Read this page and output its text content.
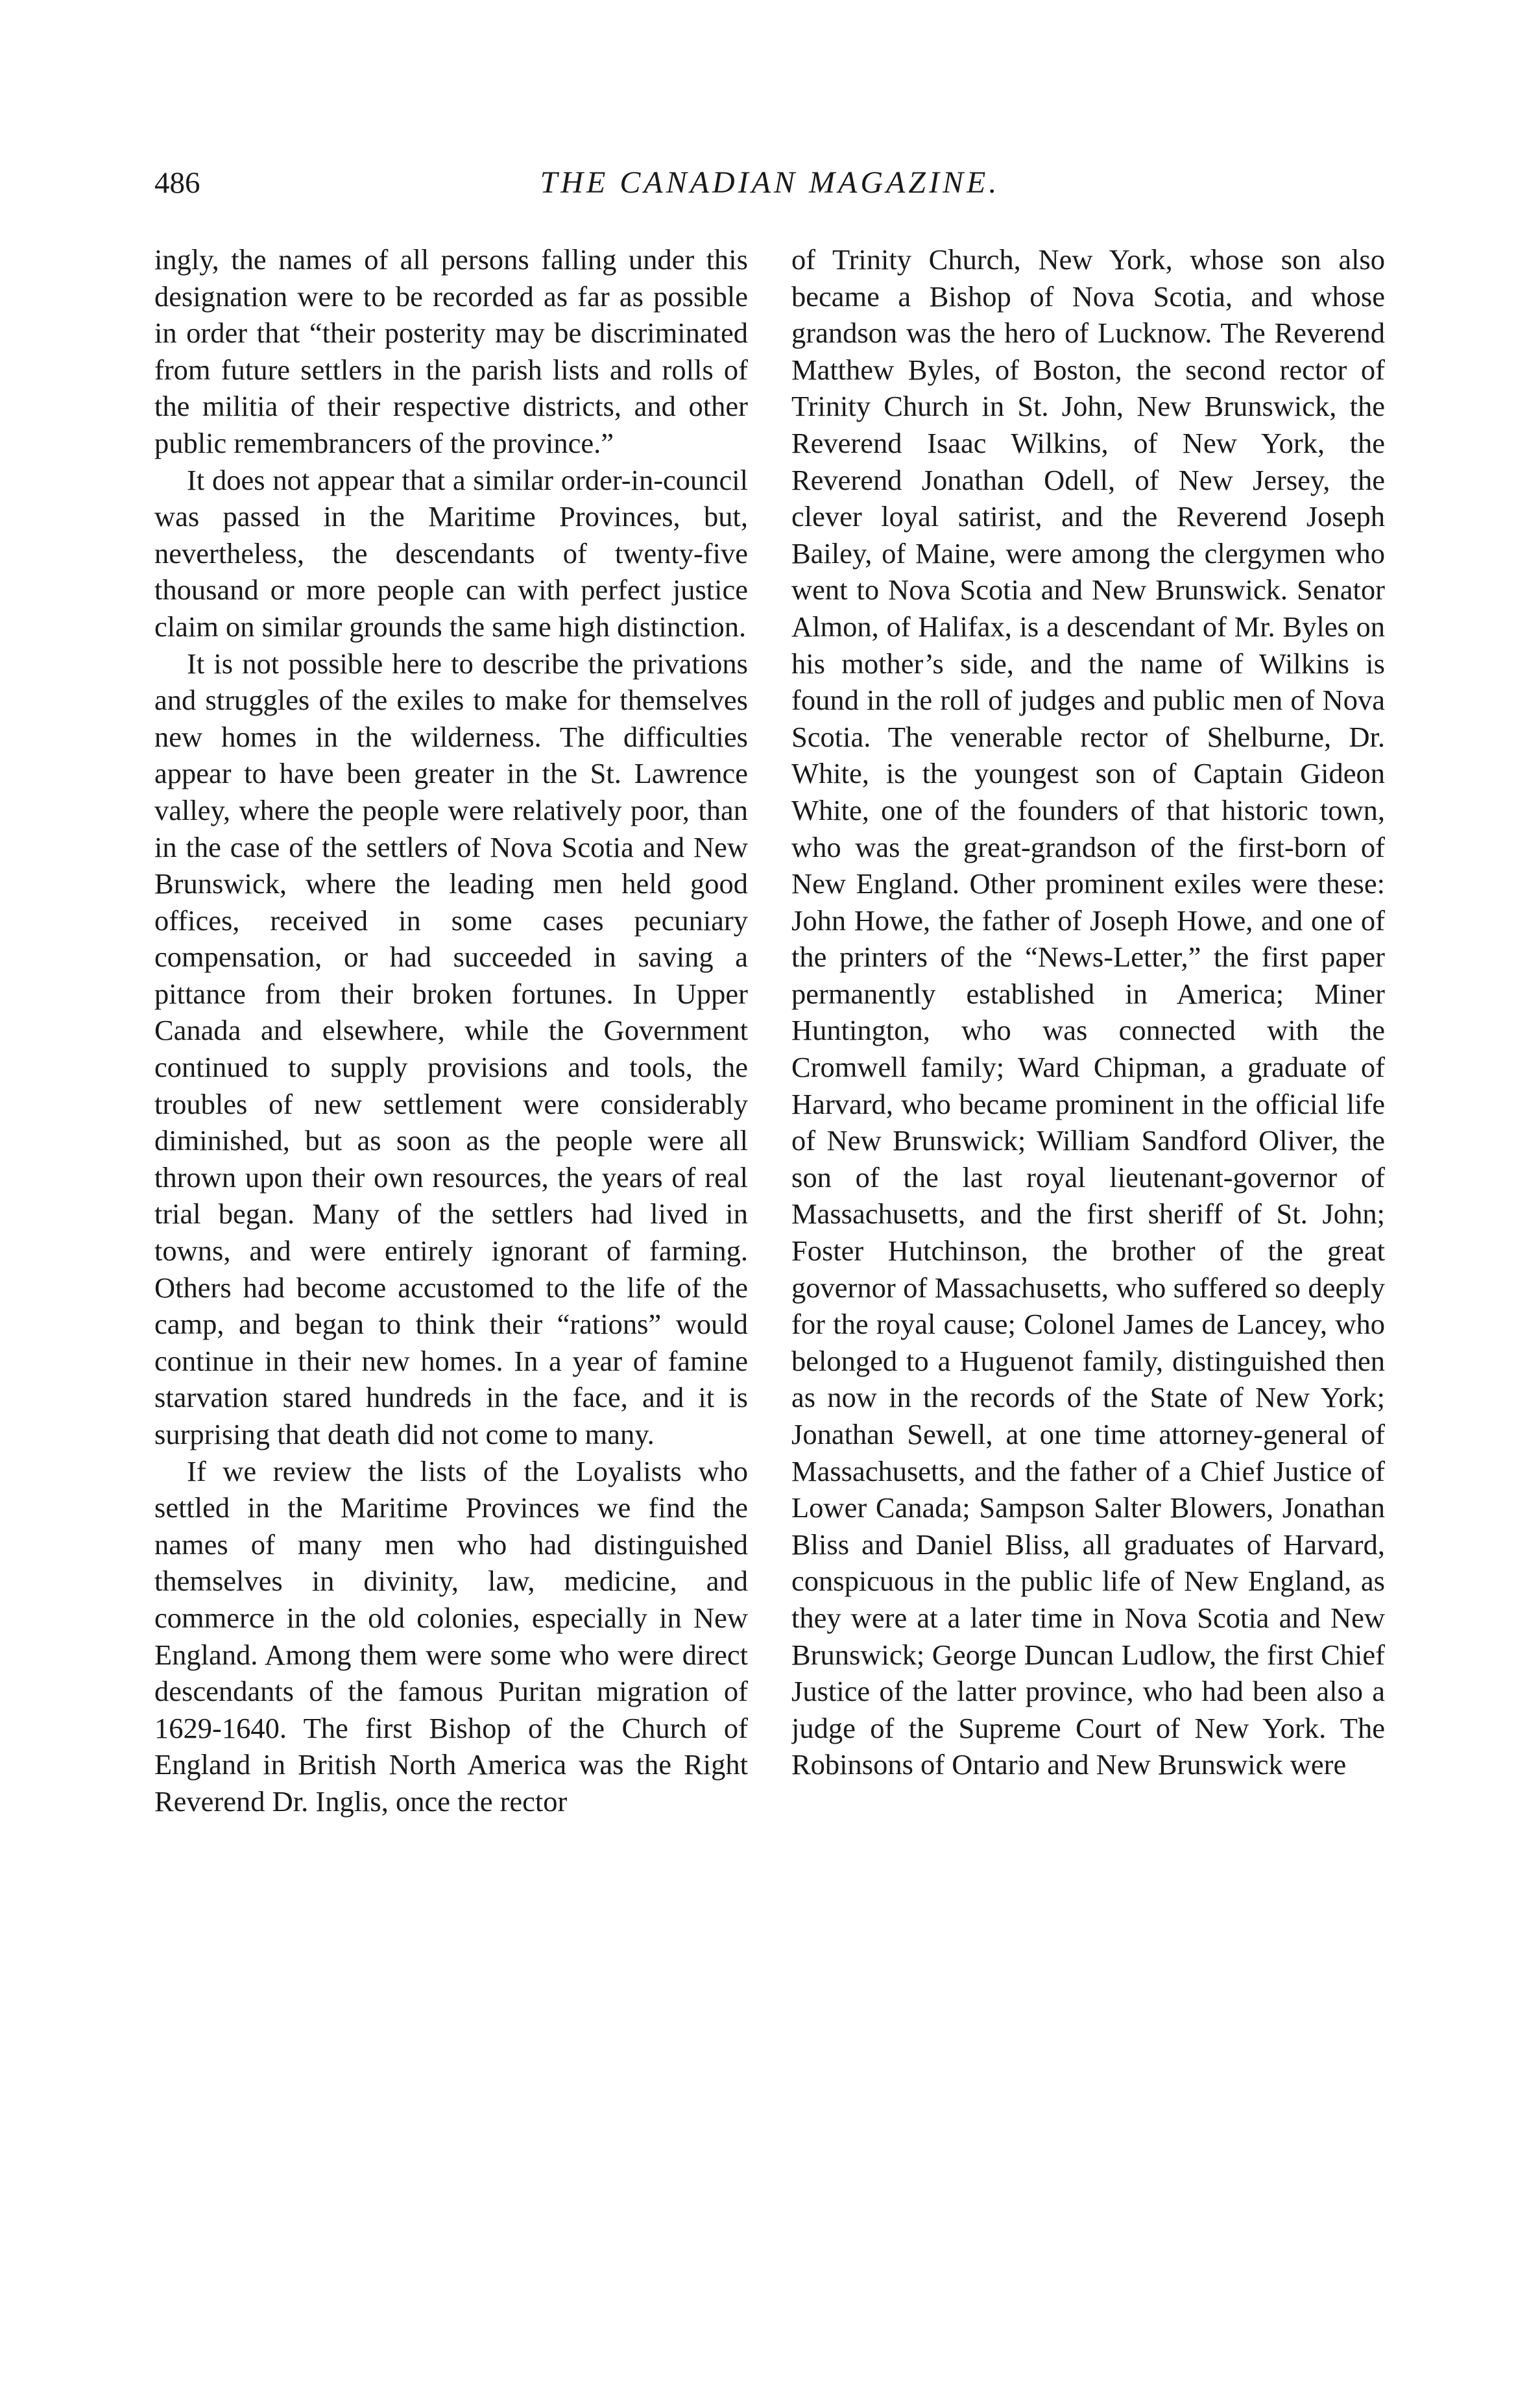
486	THE CANADIAN MAGAZINE.

ingly, the names of all persons falling under this designation were to be recorded as far as possible in order that “their posterity may be discriminated from future settlers in the parish lists and rolls of the militia of their respective districts, and other public remembrancers of the province.”

It does not appear that a similar order-in-council was passed in the Maritime Provinces, but, nevertheless, the descendants of twenty-five thousand or more people can with perfect justice claim on similar grounds the same high distinction.

It is not possible here to describe the privations and struggles of the exiles to make for themselves new homes in the wilderness. The difficulties appear to have been greater in the St. Lawrence valley, where the people were relatively poor, than in the case of the settlers of Nova Scotia and New Brunswick, where the leading men held good offices, received in some cases pecuniary compensation, or had succeeded in saving a pittance from their broken fortunes. In Upper Canada and elsewhere, while the Government continued to supply provisions and tools, the troubles of new settlement were considerably diminished, but as soon as the people were all thrown upon their own resources, the years of real trial began. Many of the settlers had lived in towns, and were entirely ignorant of farming. Others had become accustomed to the life of the camp, and began to think their “rations” would continue in their new homes. In a year of famine starvation stared hundreds in the face, and it is surprising that death did not come to many.

If we review the lists of the Loyalists who settled in the Maritime Provinces we find the names of many men who had distinguished themselves in divinity, law, medicine, and commerce in the old colonies, especially in New England. Among them were some who were direct descendants of the famous Puritan migration of 1629-1640. The first Bishop of the Church of England in British North America was the Right Reverend Dr. Inglis, once the rector

of Trinity Church, New York, whose son also became a Bishop of Nova Scotia, and whose grandson was the hero of Lucknow. The Reverend Matthew Byles, of Boston, the second rector of Trinity Church in St. John, New Brunswick, the Reverend Isaac Wilkins, of New York, the Reverend Jonathan Odell, of New Jersey, the clever loyal satirist, and the Reverend Joseph Bailey, of Maine, were among the clergymen who went to Nova Scotia and New Brunswick. Senator Almon, of Halifax, is a descendant of Mr. Byles on his mother’s side, and the name of Wilkins is found in the roll of judges and public men of Nova Scotia. The venerable rector of Shelburne, Dr. White, is the youngest son of Captain Gideon White, one of the founders of that historic town, who was the great-grandson of the first-born of New England. Other prominent exiles were these: John Howe, the father of Joseph Howe, and one of the printers of the “News-Letter,” the first paper permanently established in America; Miner Huntington, who was connected with the Cromwell family; Ward Chipman, a graduate of Harvard, who became prominent in the official life of New Brunswick; William Sandford Oliver, the son of the last royal lieutenant-governor of Massachusetts, and the first sheriff of St. John; Foster Hutchinson, the brother of the great governor of Massachusetts, who suffered so deeply for the royal cause; Colonel James de Lancey, who belonged to a Huguenot family, distinguished then as now in the records of the State of New York; Jonathan Sewell, at one time attorney-general of Massachusetts, and the father of a Chief Justice of Lower Canada; Sampson Salter Blowers, Jonathan Bliss and Daniel Bliss, all graduates of Harvard, conspicuous in the public life of New England, as they were at a later time in Nova Scotia and New Brunswick; George Duncan Ludlow, the first Chief Justice of the latter province, who had been also a judge of the Supreme Court of New York. The Robinsons of Ontario and New Brunswick were
